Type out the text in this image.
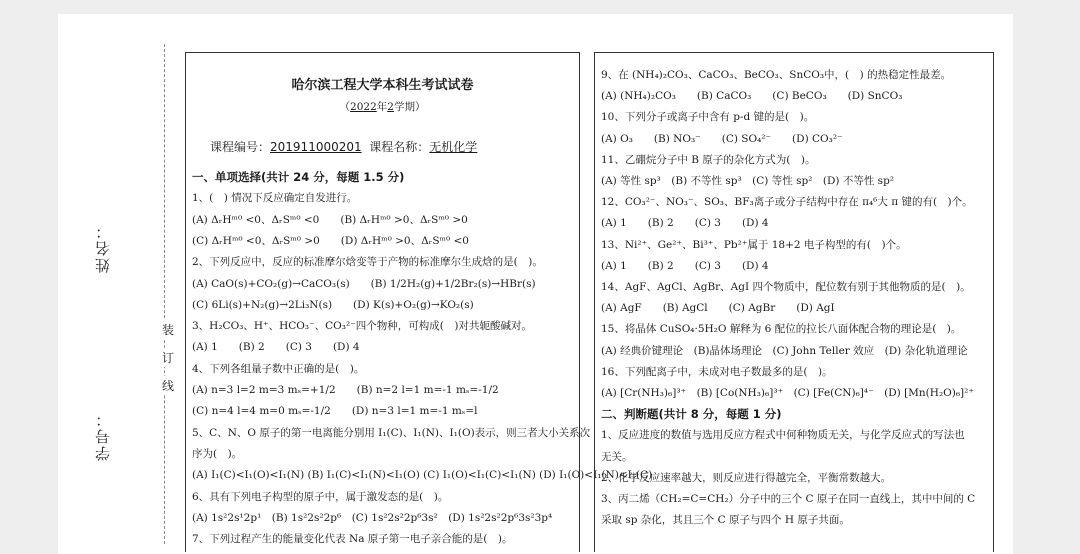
姓名：
学号：
装
订
线
哈尔滨工程大学本科生考试试卷
（2022年2学期）
课程编号：201911000201 课程名称：无机化学
一、单项选择(共计 24 分，每题 1.5 分)
1、(　) 情况下反应确定自发进行。
(A) ΔᵣHᵐ⁰ <0、ΔᵣSᵐ⁰ <0　　(B) ΔᵣHᵐ⁰ >0、ΔᵣSᵐ⁰ >0
(C) ΔᵣHᵐ⁰ <0、ΔᵣSᵐ⁰ >0　　(D) ΔᵣHᵐ⁰ >0、ΔᵣSᵐ⁰ <0
2、下列反应中，反应的标准摩尔焓变等于产物的标准摩尔生成焓的是(　)。
(A) CaO(s)+CO₂(g)→CaCO₃(s)　　(B) 1/2H₂(g)+1/2Br₂(s)→HBr(s)
(C) 6Li(s)+N₂(g)→2Li₃N(s)　　(D) K(s)+O₂(g)→KO₂(s)
3、H₂CO₃、H⁺、HCO₃⁻、CO₃²⁻四个物种，可构成(　)对共轭酸碱对。
(A) 1　　(B) 2　　(C) 3　　(D) 4
4、下列各组量子数中正确的是(　)。
(A) n=3 l=2 m=3 mₛ=+1/2　　(B) n=2 l=1 m=-1 mₛ=-1/2
(C) n=4 l=4 m=0 mₛ=-1/2　　(D) n=3 l=1 m=-1 mₛ=l
5、C、N、O 原子的第一电离能分别用 I₁(C)、I₁(N)、I₁(O)表示，则三者大小关系次
序为(　)。
(A) I₁(C)<I₁(O)<I₁(N) (B) I₁(C)<I₁(N)<I₁(O) (C) I₁(O)<I₁(C)<I₁(N) (D) I₁(O)<I₁(N)<I₁(C)
6、具有下列电子构型的原子中，属于激发态的是(　)。
(A) 1s²2s¹2p¹　(B) 1s²2s²2p⁶　(C) 1s²2s²2p⁶3s²　(D) 1s²2s²2p⁶3s²3p⁴
7、下列过程产生的能量变化代表 Na 原子第一电子亲合能的是(　)。
9、在 (NH₄)₂CO₃、CaCO₃、BeCO₃、SnCO₃中，(　) 的热稳定性最差。
(A) (NH₄)₂CO₃　　(B) CaCO₃　　(C) BeCO₃　　(D) SnCO₃
10、下列分子或离子中含有 p-d 键的是(　)。
(A) O₃　　(B) NO₃⁻　　(C) SO₄²⁻　　(D) CO₃²⁻
11、乙硼烷分子中 B 原子的杂化方式为(　)。
(A) 等性 sp³　(B) 不等性 sp³　(C) 等性 sp²　(D) 不等性 sp²
12、CO₃²⁻、NO₃⁻、SO₃、BF₃离子或分子结构中存在 π₄⁶大 π 键的有(　)个。
(A) 1　　(B) 2　　(C) 3　　(D) 4
13、Ni²⁺、Ge²⁺、Bi³⁺、Pb²⁺属于 18+2 电子构型的有(　)个。
(A) 1　　(B) 2　　(C) 3　　(D) 4
14、AgF、AgCl、AgBr、AgI 四个物质中，配位数有别于其他物质的是(　)。
(A) AgF　　(B) AgCl　　(C) AgBr　　(D) AgI
15、将晶体 CuSO₄·5H₂O 解释为 6 配位的拉长八面体配合物的理论是(　)。
(A) 经典价键理论　(B)晶体场理论　(C) John Teller 效应　(D) 杂化轨道理论
16、下列配离子中，未成对电子数最多的是(　)。
(A) [Cr(NH₃)₆]³⁺　(B) [Co(NH₃)₆]³⁺　(C) [Fe(CN)₆]⁴⁻　(D) [Mn(H₂O)₆]²⁺
二、判断题(共计 8 分，每题 1 分)
1、反应进度的数值与选用反应方程式中何种物质无关，与化学反应式的写法也
无关。
2、化学反应速率越大，则反应进行得越完全，平衡常数越大。
3、丙二烯（CH₂=C=CH₂）分子中的三个 C 原子在同一直线上，其中中间的 C
采取 sp 杂化，其且三个 C 原子与四个 H 原子共面。
